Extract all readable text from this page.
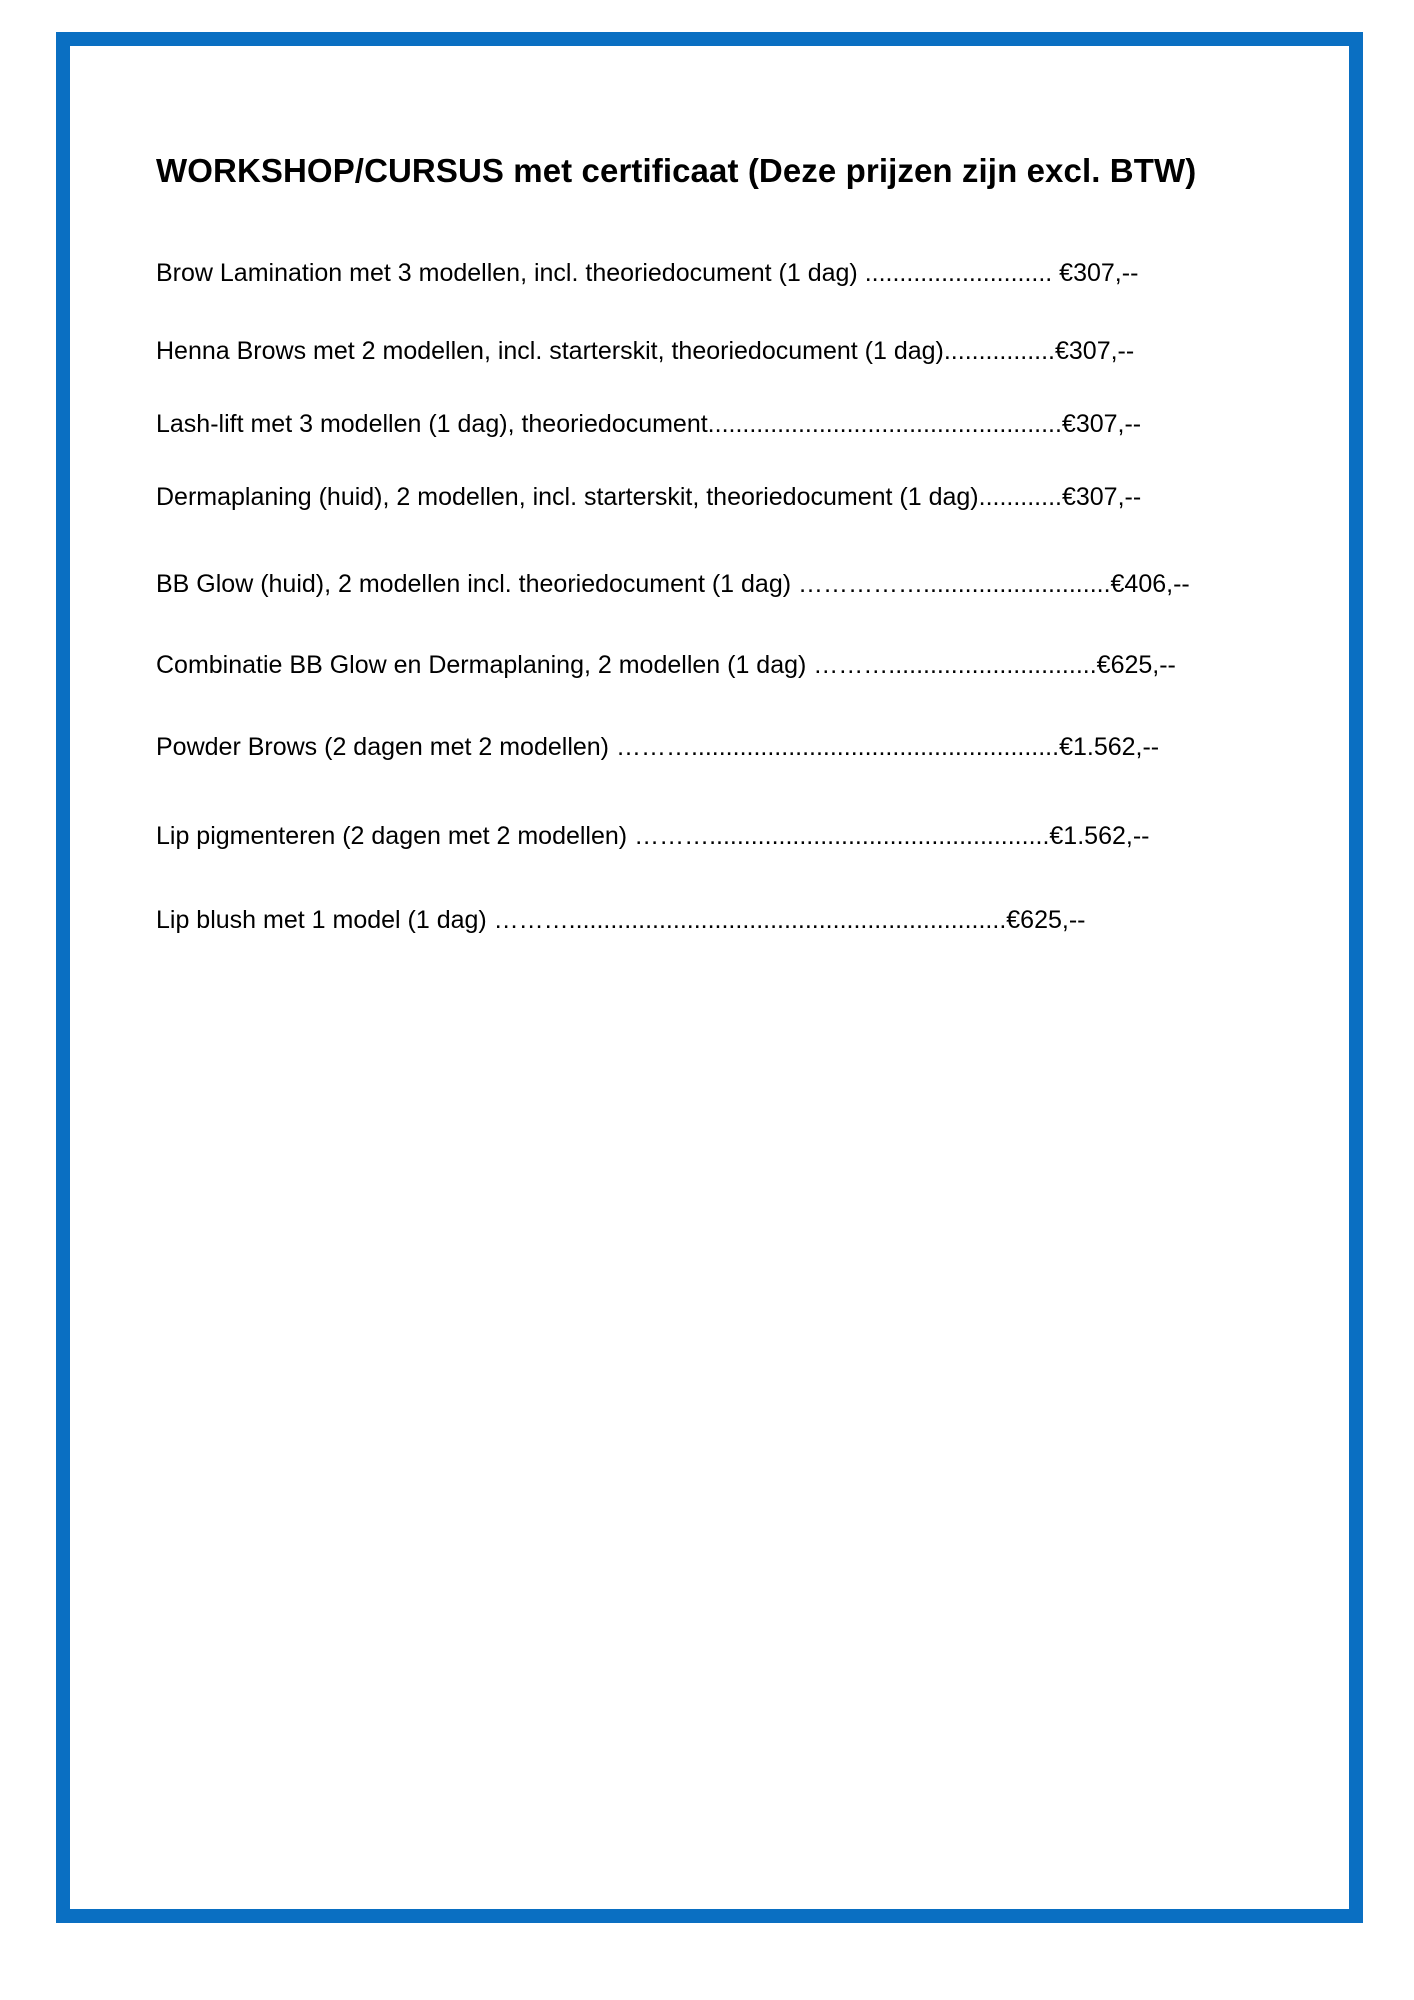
WORKSHOP/CURSUS met certificaat (Deze prijzen zijn excl. BTW)

Brow Lamination met 3 modellen, incl. theoriedocument (1 dag) ........................... €307,--

Henna Brows met 2 modellen, incl. starterskit, theoriedocument (1 dag)................€307,--

Lash-lift met 3 modellen (1 dag), theoriedocument...................................................€307,--

Dermaplaning (huid), 2 modellen, incl. starterskit, theoriedocument (1 dag)............€307,--

BB Glow (huid), 2 modellen incl. theoriedocument (1 dag) ……………...........................€406,--

Combinatie BB Glow en Dermaplaning, 2 modellen (1 dag) ………..............................€625,--

Powder Brows (2 dagen met 2 modellen) ……….....................................................€1.562,--

Lip pigmenteren (2 dagen met 2 modellen) ……….................................................€1.562,--

Lip blush met 1 model (1 dag) ………...............................................................€625,--
